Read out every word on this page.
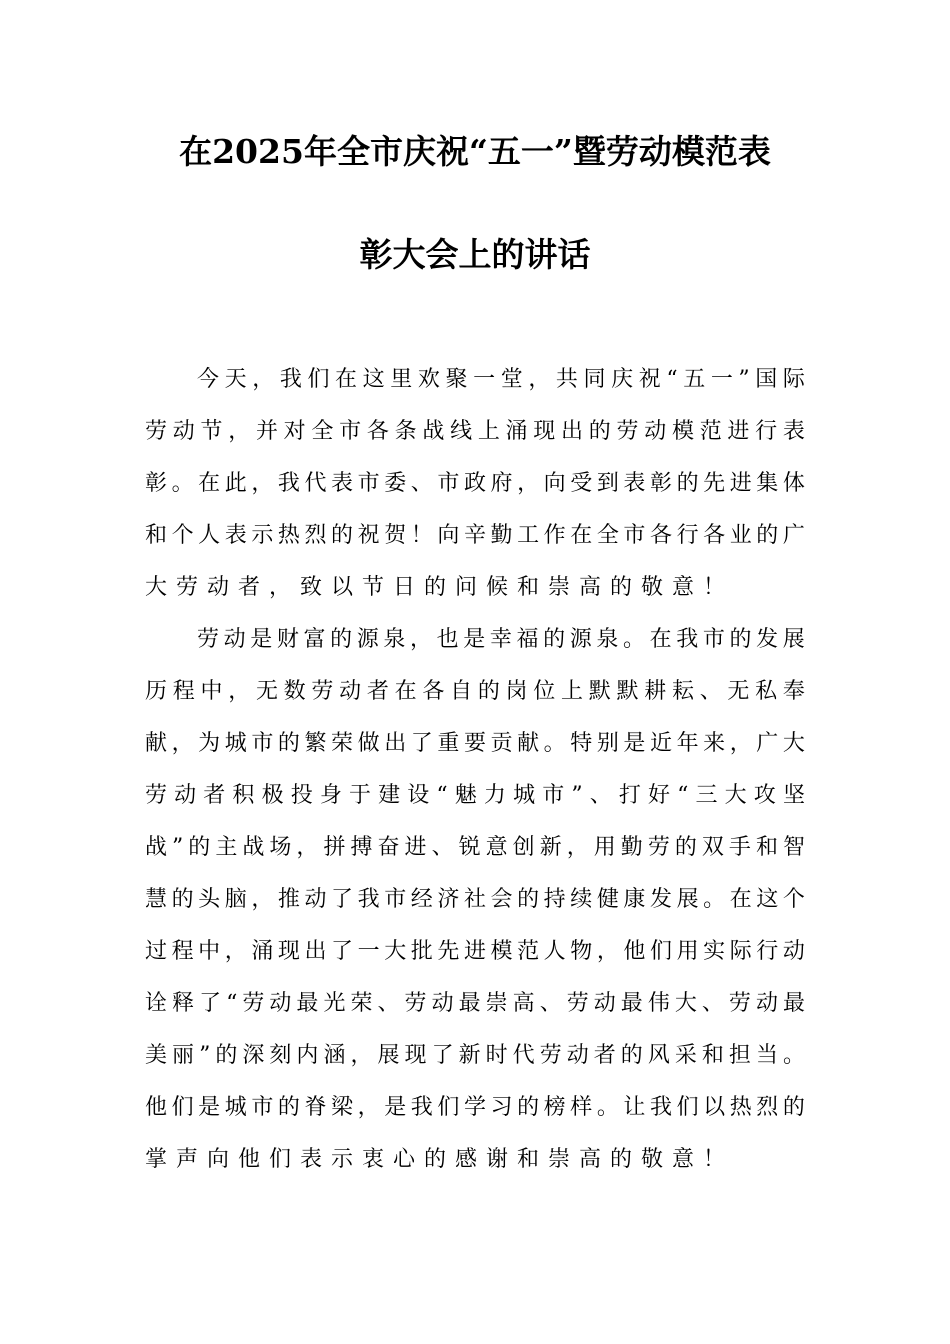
在2025年全市庆祝“五一”暨劳动模范表
彰大会上的讲话
今 天 ， 我 们 在 这 里 欢 聚 一 堂 ， 共 同 庆 祝 “ 五 一 ” 国 际
劳 动 节 ， 并 对 全 市 各 条 战 线 上 涌 现 出 的 劳 动 模 范 进 行 表
彰 。 在 此 ， 我 代 表 市 委 、 市 政 府 ， 向 受 到 表 彰 的 先 进 集 体
和 个 人 表 示 热 烈 的 祝 贺 ！ 向 辛 勤 工 作 在 全 市 各 行 各 业 的 广
大劳动者，致以节日的问候和崇高的敬意！
劳 动 是 财 富 的 源 泉 ， 也 是 幸 福 的 源 泉 。 在 我 市 的 发 展
历 程 中 ， 无 数 劳 动 者 在 各 自 的 岗 位 上 默 默 耕 耘 、 无 私 奉
献 ， 为 城 市 的 繁 荣 做 出 了 重 要 贡 献 。 特 别 是 近 年 来 ， 广 大
劳 动 者 积 极 投 身 于 建 设 “ 魅 力 城 市 ” 、 打 好 “ 三 大 攻 坚
战 ” 的 主 战 场 ， 拼 搏 奋 进 、 锐 意 创 新 ， 用 勤 劳 的 双 手 和 智
慧 的 头 脑 ， 推 动 了 我 市 经 济 社 会 的 持 续 健 康 发 展 。 在 这 个
过 程 中 ， 涌 现 出 了 一 大 批 先 进 模 范 人 物 ， 他 们 用 实 际 行 动
诠 释 了 “ 劳 动 最 光 荣 、 劳 动 最 崇 高 、 劳 动 最 伟 大 、 劳 动 最
美 丽 ” 的 深 刻 内 涵 ， 展 现 了 新 时 代 劳 动 者 的 风 采 和 担 当 。
他 们 是 城 市 的 脊 梁 ， 是 我 们 学 习 的 榜 样 。 让 我 们 以 热 烈 的
掌声向他们表示衷心的感谢和崇高的敬意！
